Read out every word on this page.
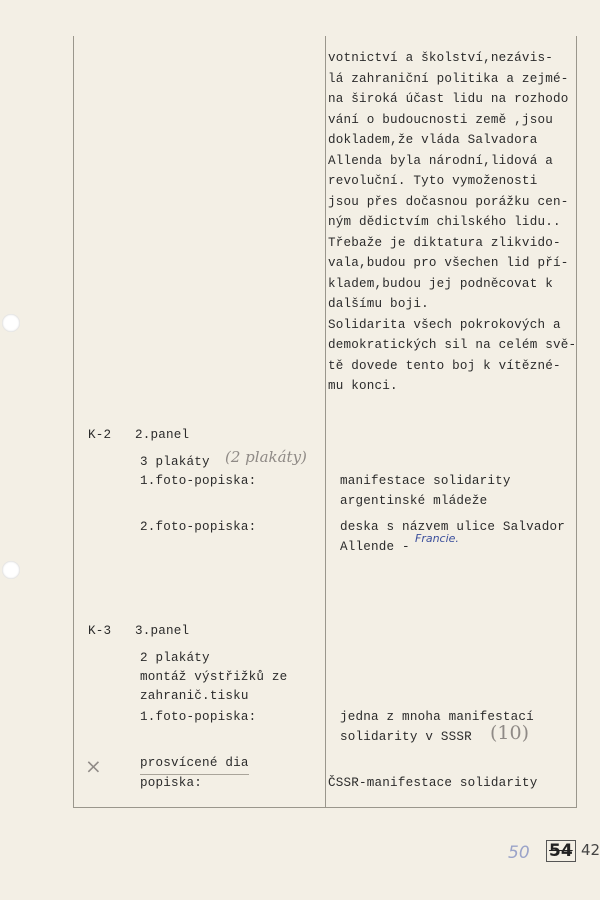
votnictví a školství,nezávis-
lá zahraniční politika a zejmé-
na široká účast lidu na rozhodo
vání o budoucnosti země ,jsou
dokladem,že vláda Salvadora
Allenda byla národní,lidová a
revoluční. Tyto vymoženosti
jsou přes dočasnou porážku cen-
ným dědictvím chilského lidu..
Třebaže je diktatura zlikvido-
vala,budou pro všechen lid pří-
kladem,budou jej podněcovat k
dalšímu boji.
Solidarita všech pokrokových a
demokratických sil na celém svě-
tě dovede tento boj k vítězné-
mu konci.
K-2 2.panel
3 plakáty (2 plakáty)
1.foto-popiska:	manifestace solidarity
argentinské mládeže
2.foto-popiska:	deska s názvem ulice Salvador
Allende -
Francie.
K-3 3.panel
2 plakáty
montáž výstřižků ze
zahranič.tisku
1.foto-popiska:	jedna z mnoha manifestací
solidarity v SSSR (10)
×	prosvícené dia
popiska:	ČSSR-manifestace solidarity
50 54 42
